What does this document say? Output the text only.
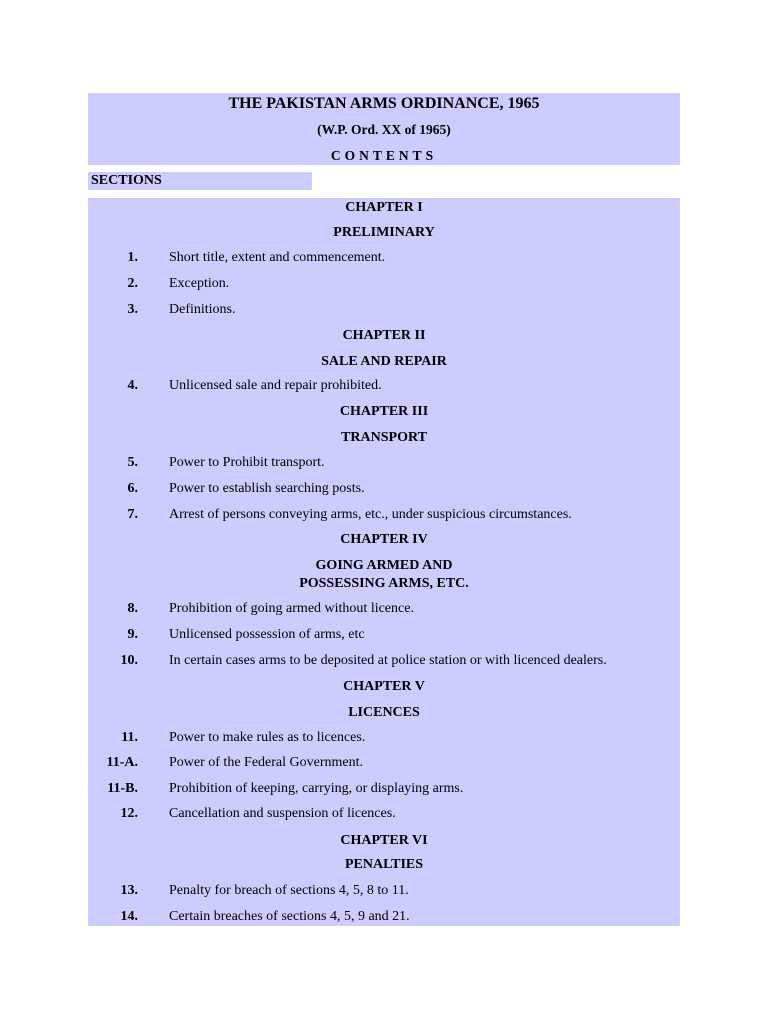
THE PAKISTAN ARMS ORDINANCE, 1965
(W.P. Ord. XX of 1965)
CONTENTS
SECTIONS
CHAPTER I
PRELIMINARY
1. Short title, extent and commencement.
2. Exception.
3. Definitions.
CHAPTER II
SALE AND REPAIR
4. Unlicensed sale and repair prohibited.
CHAPTER III
TRANSPORT
5. Power to Prohibit transport.
6. Power to establish searching posts.
7. Arrest of persons conveying arms, etc., under suspicious circumstances.
CHAPTER IV
GOING ARMED AND
POSSESSING ARMS, ETC.
8. Prohibition of going armed without licence.
9. Unlicensed possession of arms, etc
10. In certain cases arms to be deposited at police station or with licenced dealers.
CHAPTER V
LICENCES
11. Power to make rules as to licences.
11-A. Power of the Federal Government.
11-B. Prohibition of keeping, carrying, or displaying arms.
12. Cancellation and suspension of licences.
CHAPTER VI
PENALTIES
13. Penalty for breach of sections 4, 5, 8 to 11.
14. Certain breaches of sections 4, 5, 9 and 21.
